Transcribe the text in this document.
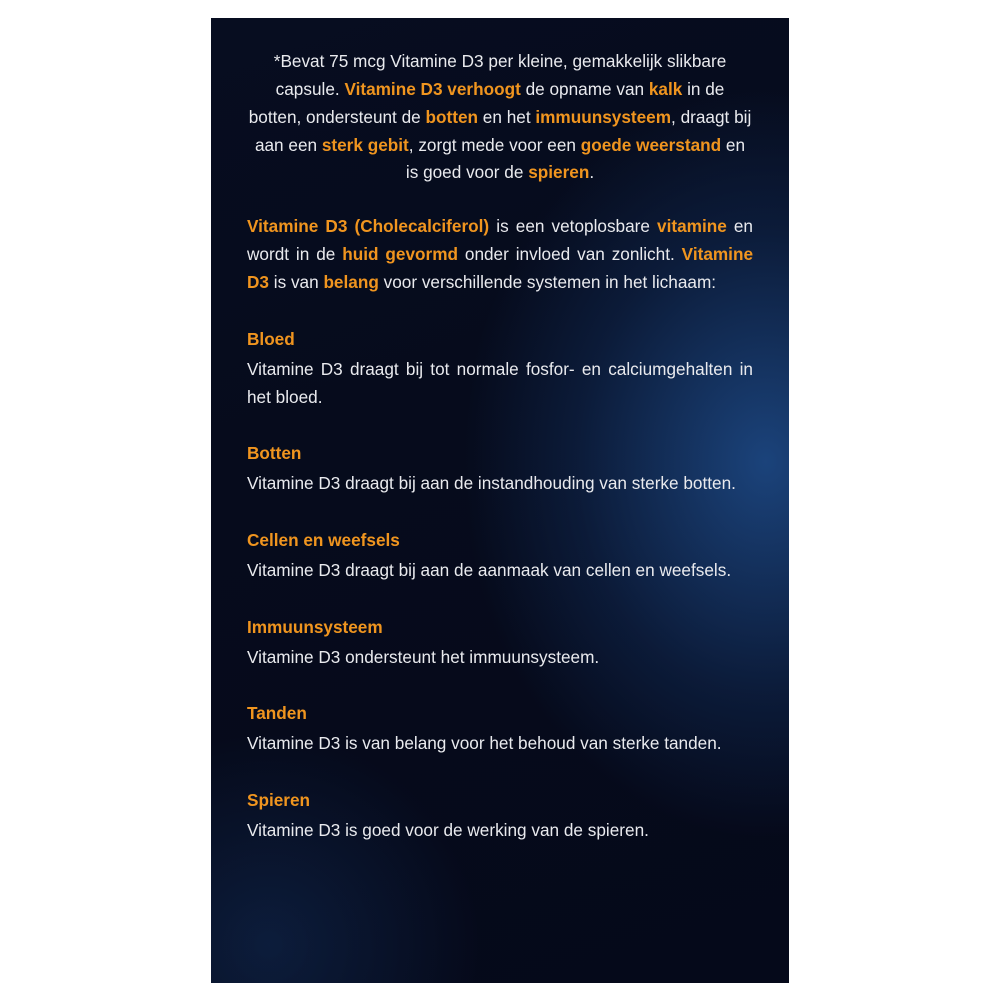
*Bevat 75 mcg Vitamine D3 per kleine, gemakkelijk slikbare capsule. Vitamine D3 verhoogt de opname van kalk in de botten, ondersteunt de botten en het immuunsysteem, draagt bij aan een sterk gebit, zorgt mede voor een goede weerstand en is goed voor de spieren.

Vitamine D3 (Cholecalciferol) is een vetoplosbare vitamine en wordt in de huid gevormd onder invloed van zonlicht. Vitamine D3 is van belang voor verschillende systemen in het lichaam:

Bloed
Vitamine D3 draagt bij tot normale fosfor- en calciumgehalten in het bloed.
Botten
Vitamine D3 draagt bij aan de instandhouding van sterke botten.
Cellen en weefsels
Vitamine D3 draagt bij aan de aanmaak van cellen en weefsels.
Immuunsysteem
Vitamine D3 ondersteunt het immuunsysteem.
Tanden
Vitamine D3 is van belang voor het behoud van sterke tanden.
Spieren
Vitamine D3 is goed voor de werking van de spieren.
